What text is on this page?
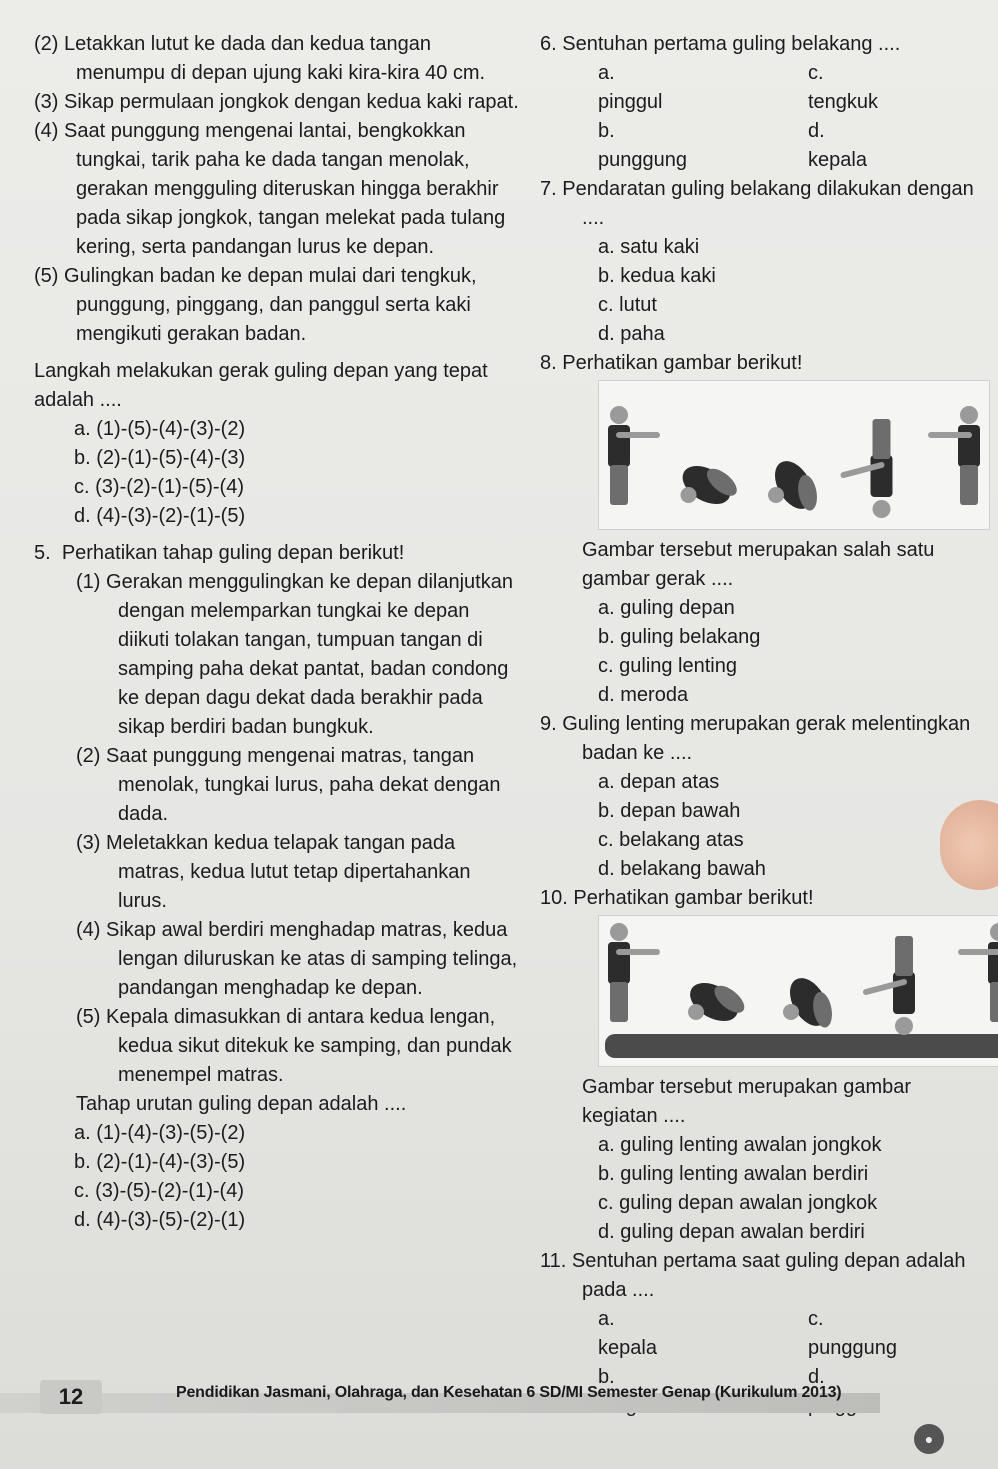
(2) Letakkan lutut ke dada dan kedua tangan menumpu di depan ujung kaki kira-kira 40 cm.

(3) Sikap permulaan jongkok dengan kedua kaki rapat.

(4) Saat punggung mengenai lantai, bengkokkan tungkai, tarik paha ke dada tangan menolak, gerakan mengguling diteruskan hingga berakhir pada sikap jongkok, tangan melekat pada tulang kering, serta pandangan lurus ke depan.

(5) Gulingkan badan ke depan mulai dari tengkuk, punggung, pinggang, dan panggul serta kaki mengikuti gerakan badan.

Langkah melakukan gerak guling depan yang tepat adalah ....

a. (1)-(5)-(4)-(3)-(2)

b. (2)-(1)-(5)-(4)-(3)

c. (3)-(2)-(1)-(5)-(4)

d. (4)-(3)-(2)-(1)-(5)

5. Perhatikan tahap guling depan berikut!

(1) Gerakan menggulingkan ke depan dilanjutkan dengan melemparkan tungkai ke depan diikuti tolakan tangan, tumpuan tangan di samping paha dekat pantat, badan condong ke depan dagu dekat dada berakhir pada sikap berdiri badan bungkuk.

(2) Saat punggung mengenai matras, tangan menolak, tungkai lurus, paha dekat dengan dada.

(3) Meletakkan kedua telapak tangan pada matras, kedua lutut tetap dipertahankan lurus.

(4) Sikap awal berdiri menghadap matras, kedua lengan diluruskan ke atas di samping telinga, pandangan menghadap ke depan.

(5) Kepala dimasukkan di antara kedua lengan, kedua sikut ditekuk ke samping, dan pundak menempel matras.

Tahap urutan guling depan adalah ....

a. (1)-(4)-(3)-(5)-(2)

b. (2)-(1)-(4)-(3)-(5)

c. (3)-(5)-(2)-(1)-(4)

d. (4)-(3)-(5)-(2)-(1)

6. Sentuhan pertama guling belakang ....

a. pinggul
c. tengkuk
b. punggung
d. kepala

7. Pendaratan guling belakang dilakukan dengan ....

a. satu kaki

b. kedua kaki

c. lutut

d. paha

8. Perhatikan gambar berikut!

Gambar tersebut merupakan salah satu gambar gerak ....

a. guling depan

b. guling belakang

c. guling lenting

d. meroda

9. Guling lenting merupakan gerak melentingkan badan ke ....

a. depan atas

b. depan bawah

c. belakang atas

d. belakang bawah

10. Perhatikan gambar berikut!

Gambar tersebut merupakan gambar kegiatan ....

a. guling lenting awalan jongkok

b. guling lenting awalan berdiri

c. guling depan awalan jongkok

d. guling depan awalan berdiri

11. Sentuhan pertama saat guling depan adalah pada ....

a. kepala
c. punggung
b.	d.
12	Pendidikan Jasmani, Olahraga, dan Kesehatan 6 SD/MI Semester Genap (Kurikulum 2013)
●
